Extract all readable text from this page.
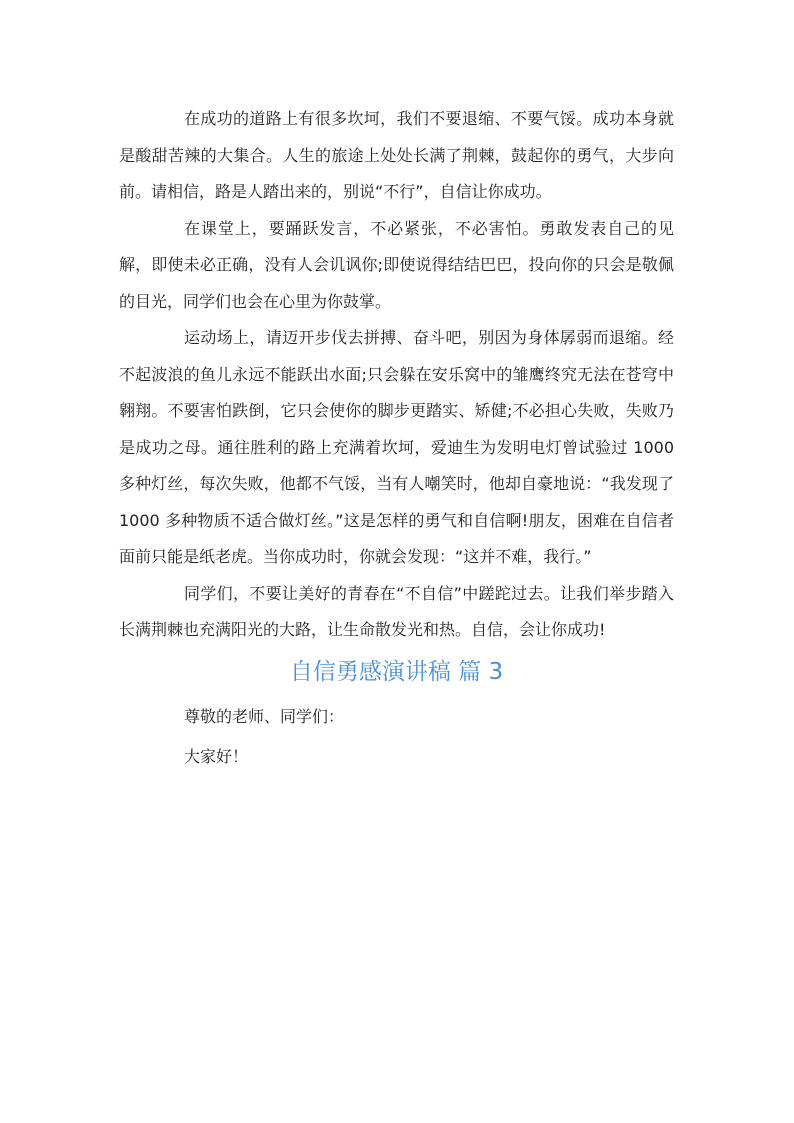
在成功的道路上有很多坎坷，我们不要退缩、不要气馁。成功本身就是酸甜苦辣的大集合。人生的旅途上处处长满了荆棘，鼓起你的勇气，大步向前。请相信，路是人踏出来的，别说“不行”，自信让你成功。

在课堂上，要踊跃发言，不必紧张，不必害怕。勇敢发表自己的见解，即使未必正确，没有人会讥讽你;即使说得结结巴巴，投向你的只会是敬佩的目光，同学们也会在心里为你鼓掌。

运动场上，请迈开步伐去拼搏、奋斗吧，别因为身体孱弱而退缩。经不起波浪的鱼儿永远不能跃出水面;只会躲在安乐窝中的雏鹰终究无法在苍穹中翱翔。不要害怕跌倒，它只会使你的脚步更踏实、矫健;不必担心失败，失败乃是成功之母。通往胜利的路上充满着坎坷，爱迪生为发明电灯曾试验过 1000 多种灯丝，每次失败，他都不气馁，当有人嘲笑时，他却自豪地说：“我发现了 1000 多种物质不适合做灯丝。”这是怎样的勇气和自信啊!朋友，困难在自信者面前只能是纸老虎。当你成功时，你就会发现：“这并不难，我行。”

同学们，不要让美好的青春在“不自信”中蹉跎过去。让我们举步踏入长满荆棘也充满阳光的大路，让生命散发光和热。自信，会让你成功!

自信勇感演讲稿 篇 3

尊敬的老师、同学们：

大家好！
